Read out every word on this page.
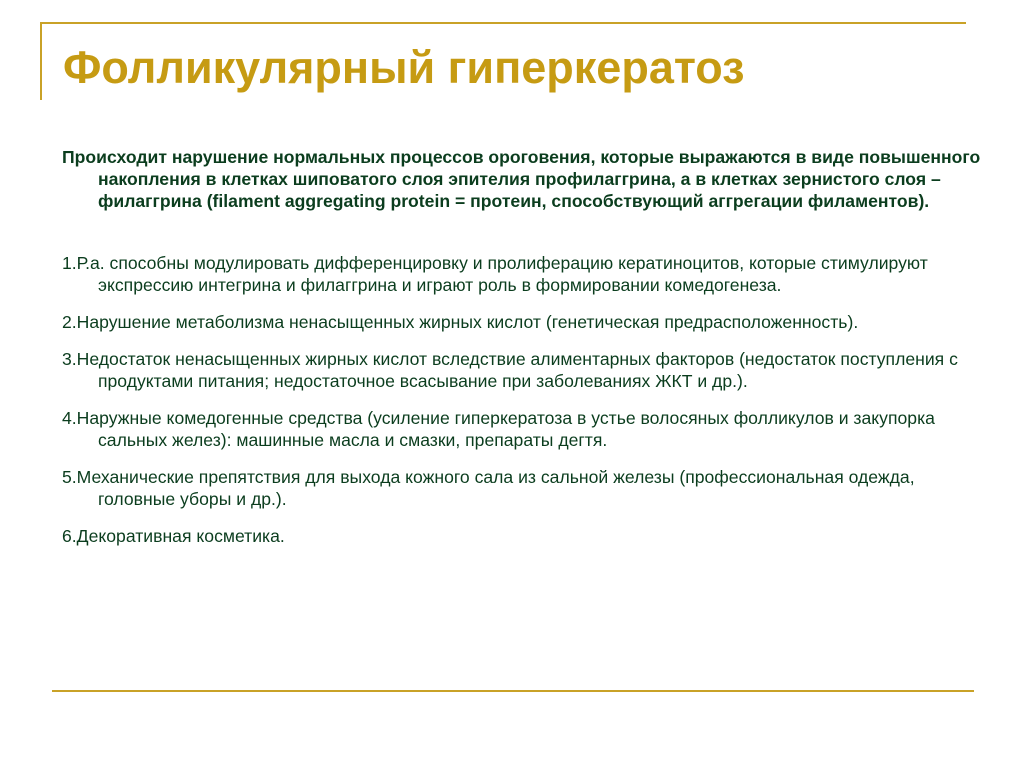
Фолликулярный гиперкератоз

Происходит нарушение нормальных процессов ороговения, которые выражаются в виде повышенного накопления в клетках шиповатого слоя эпителия профилаггрина, а в клетках зернистого слоя – филаггрина (filament aggregating protein = протеин, способствующий аггрегации филаментов).

1.Р.а. способны модулировать дифференцировку и пролиферацию кератиноцитов, которые стимулируют экспрессию интегрина и филаггрина и играют роль в формировании комедогенеза.

2.Нарушение метаболизма ненасыщенных жирных кислот (генетическая предрасположенность).

3.Недостаток ненасыщенных жирных кислот вследствие алиментарных факторов (недостаток поступления с продуктами питания; недостаточное всасывание при заболеваниях ЖКТ и др.).

4.Наружные комедогенные средства (усиление гиперкератоза в устье волосяных фолликулов и закупорка сальных желез): машинные масла и смазки, препараты дегтя.

5.Механические препятствия для выхода кожного сала из сальной железы (профессиональная одежда, головные уборы и др.).

6.Декоративная косметика.
